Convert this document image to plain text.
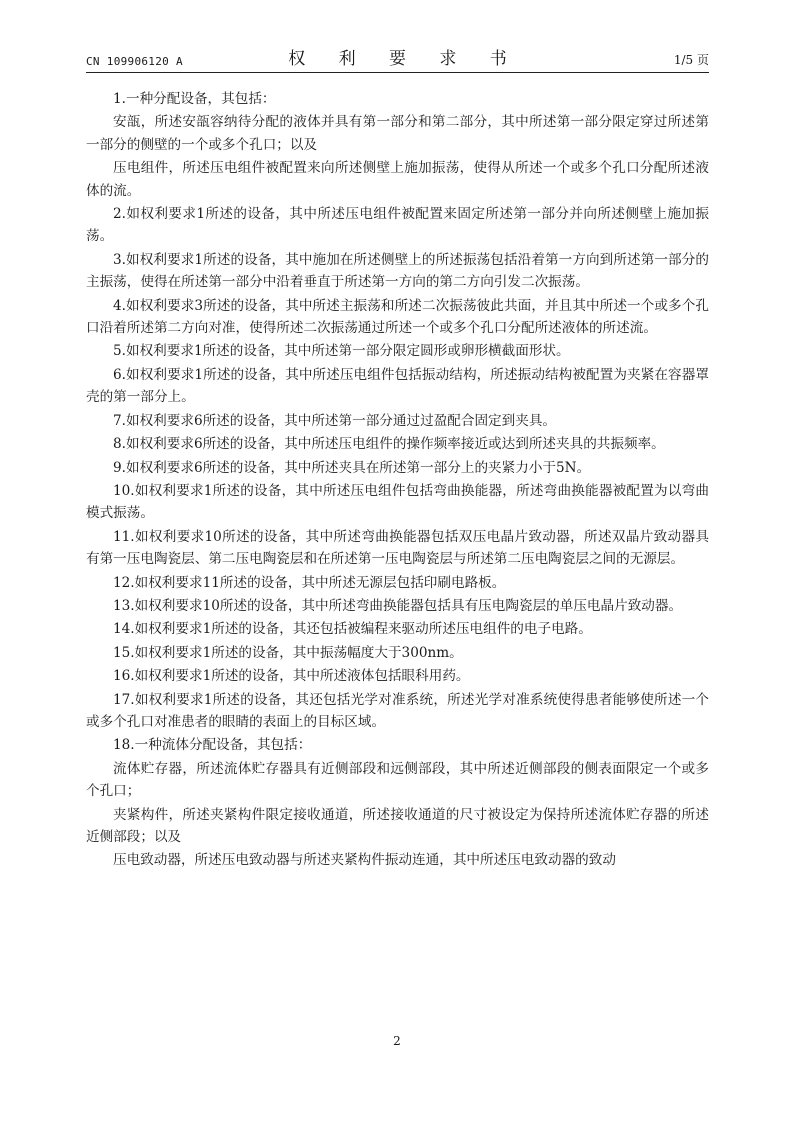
CN 109906120 A	权 利 要 求 书	1/5 页

1.一种分配设备，其包括：

安瓿，所述安瓿容纳待分配的液体并具有第一部分和第二部分，其中所述第一部分限定穿过所述第一部分的侧壁的一个或多个孔口；以及

压电组件，所述压电组件被配置来向所述侧壁上施加振荡，使得从所述一个或多个孔口分配所述液体的流。

2.如权利要求1所述的设备，其中所述压电组件被配置来固定所述第一部分并向所述侧壁上施加振荡。

3.如权利要求1所述的设备，其中施加在所述侧壁上的所述振荡包括沿着第一方向到所述第一部分的主振荡，使得在所述第一部分中沿着垂直于所述第一方向的第二方向引发二次振荡。

4.如权利要求3所述的设备，其中所述主振荡和所述二次振荡彼此共面，并且其中所述一个或多个孔口沿着所述第二方向对准，使得所述二次振荡通过所述一个或多个孔口分配所述液体的所述流。

5.如权利要求1所述的设备，其中所述第一部分限定圆形或卵形横截面形状。

6.如权利要求1所述的设备，其中所述压电组件包括振动结构，所述振动结构被配置为夹紧在容器罩壳的第一部分上。

7.如权利要求6所述的设备，其中所述第一部分通过过盈配合固定到夹具。

8.如权利要求6所述的设备，其中所述压电组件的操作频率接近或达到所述夹具的共振频率。

9.如权利要求6所述的设备，其中所述夹具在所述第一部分上的夹紧力小于5N。

10.如权利要求1所述的设备，其中所述压电组件包括弯曲换能器，所述弯曲换能器被配置为以弯曲模式振荡。

11.如权利要求10所述的设备，其中所述弯曲换能器包括双压电晶片致动器，所述双晶片致动器具有第一压电陶瓷层、第二压电陶瓷层和在所述第一压电陶瓷层与所述第二压电陶瓷层之间的无源层。

12.如权利要求11所述的设备，其中所述无源层包括印刷电路板。

13.如权利要求10所述的设备，其中所述弯曲换能器包括具有压电陶瓷层的单压电晶片致动器。

14.如权利要求1所述的设备，其还包括被编程来驱动所述压电组件的电子电路。

15.如权利要求1所述的设备，其中振荡幅度大于300nm。

16.如权利要求1所述的设备，其中所述液体包括眼科用药。

17.如权利要求1所述的设备，其还包括光学对准系统，所述光学对准系统使得患者能够使所述一个或多个孔口对准患者的眼睛的表面上的目标区域。

18.一种流体分配设备，其包括：

流体贮存器，所述流体贮存器具有近侧部段和远侧部段，其中所述近侧部段的侧表面限定一个或多个孔口；

夹紧构件，所述夹紧构件限定接收通道，所述接收通道的尺寸被设定为保持所述流体贮存器的所述近侧部段；以及

压电致动器，所述压电致动器与所述夹紧构件振动连通，其中所述压电致动器的致动

2
